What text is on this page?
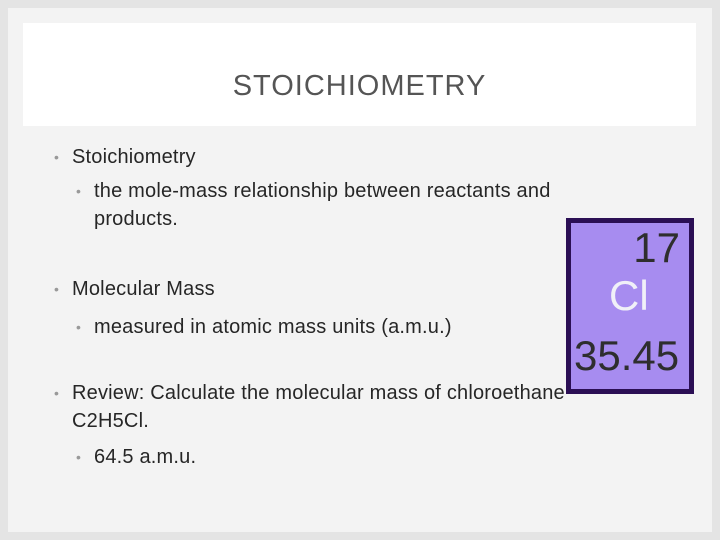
STOICHIOMETRY
• Stoichiometry
• the mole-mass relationship between reactants and
products.
• Molecular Mass
• measured in atomic mass units (a.m.u.)
• Review: Calculate the molecular mass of chloroethane
C2H5Cl.
• 64.5 a.m.u.
17
Cl
35.45
